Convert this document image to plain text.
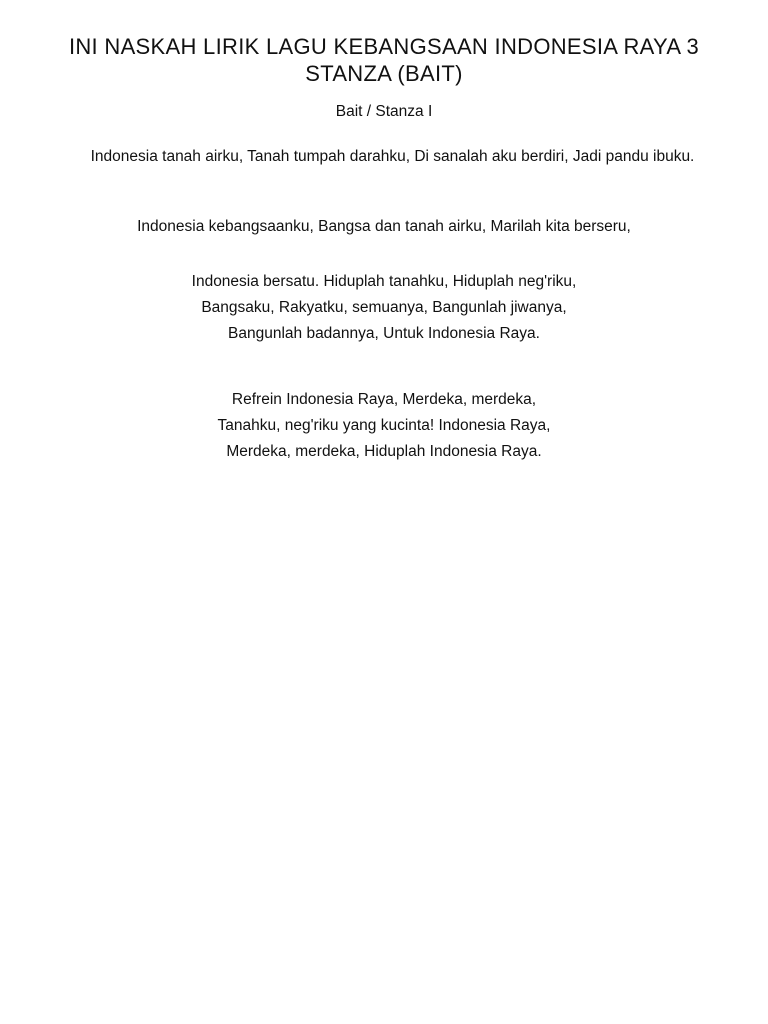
INI NASKAH LIRIK LAGU KEBANGSAAN INDONESIA RAYA 3 STANZA (BAIT)

Bait / Stanza I

Indonesia tanah airku, Tanah tumpah darahku, Di sanalah aku berdiri, Jadi pandu ibuku.

Indonesia kebangsaanku, Bangsa dan tanah airku, Marilah kita berseru,

Indonesia bersatu. Hiduplah tanahku, Hiduplah neg'riku,

Bangsaku, Rakyatku, semuanya, Bangunlah jiwanya,

Bangunlah badannya, Untuk Indonesia Raya.

Refrein Indonesia Raya, Merdeka, merdeka,

Tanahku, neg'riku yang kucinta! Indonesia Raya,

Merdeka, merdeka, Hiduplah Indonesia Raya.
